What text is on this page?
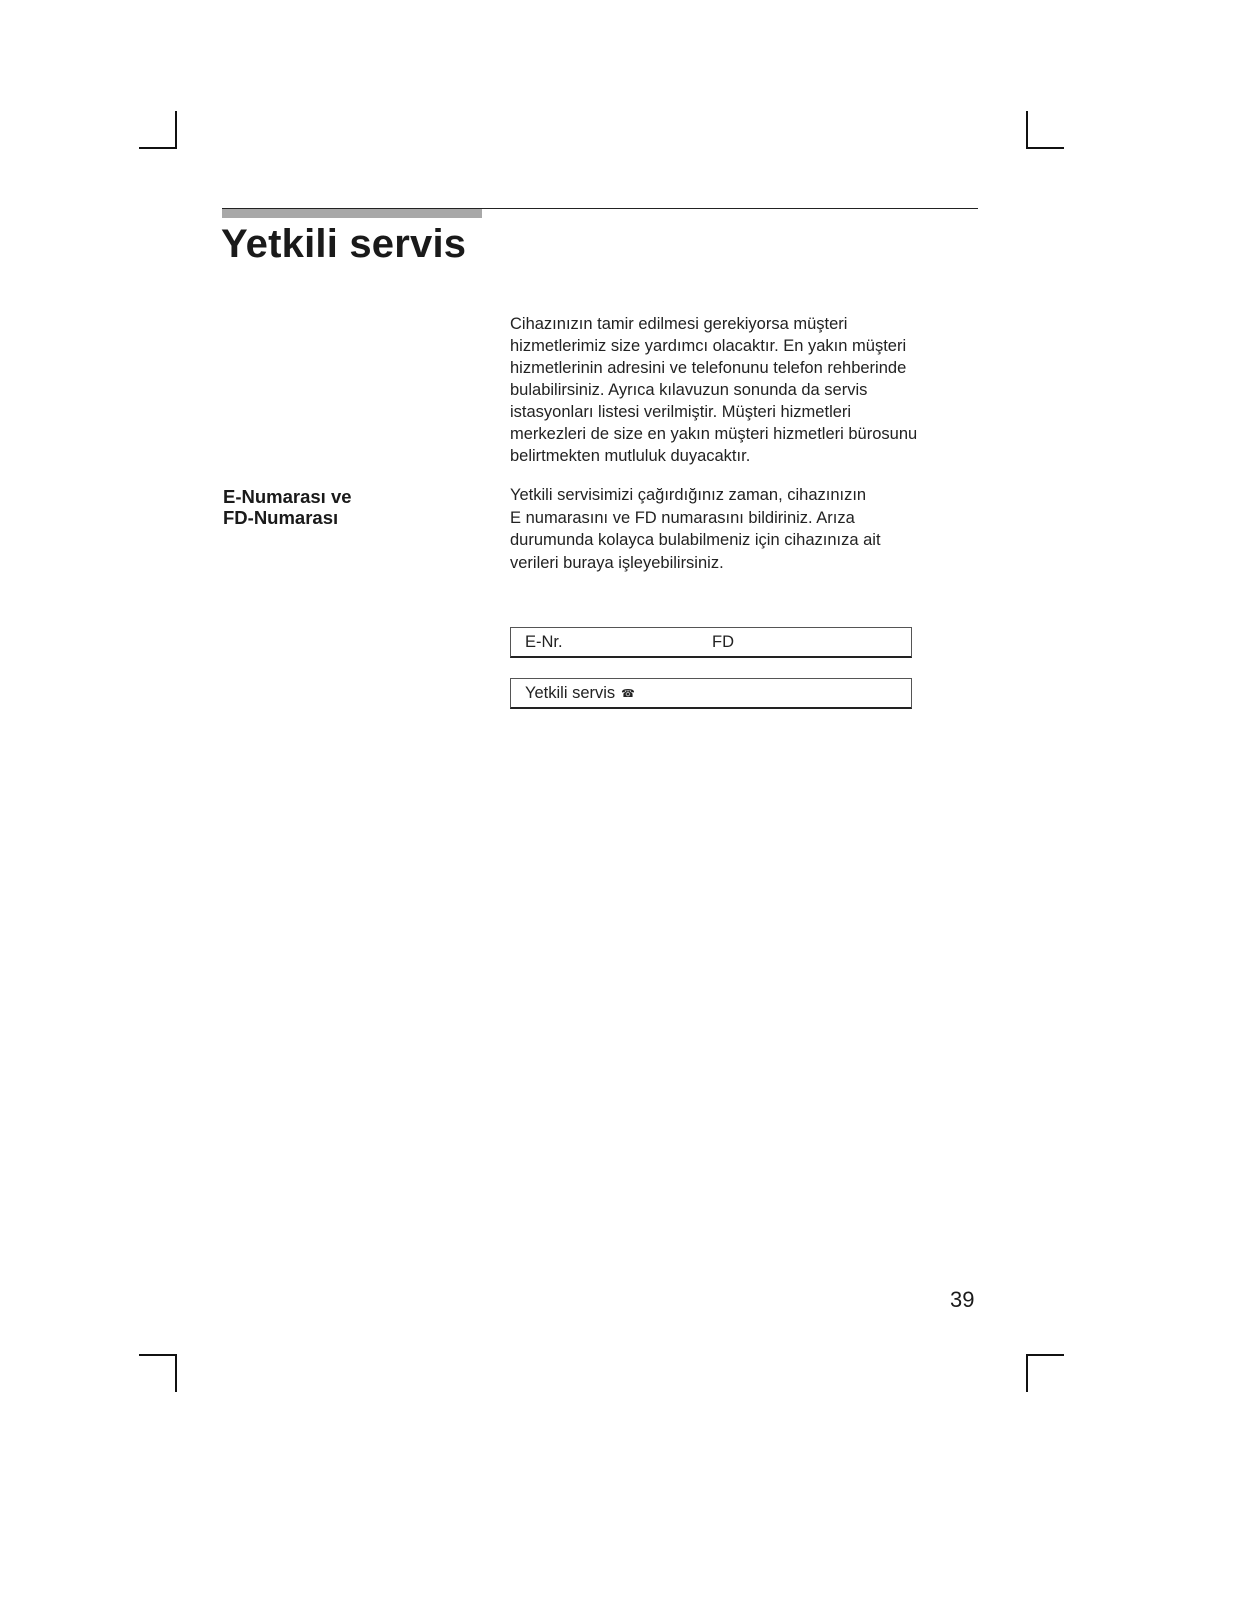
Yetkili servis

Cihazınızın tamir edilmesi gerekiyorsa müşteri
hizmetlerimiz size yardımcı olacaktır. En yakın müşteri
hizmetlerinin adresini ve telefonunu telefon rehberinde
bulabilirsiniz. Ayrıca kılavuzun sonunda da servis
istasyonları listesi verilmiştir. Müşteri hizmetleri
merkezleri de size en yakın müşteri hizmetleri bürosunu
belirtmekten mutluluk duyacaktır.

E-Numarası ve
FD-Numarası

Yetkili servisimizi çağırdığınız zaman, cihazınızın
E numarasını ve FD numarasını bildiriniz. Arıza
durumunda kolayca bulabilmeniz için cihazınıza ait
verileri buraya işleyebilirsiniz.

E-Nr.	FD
Yetkili servis ☎
39
